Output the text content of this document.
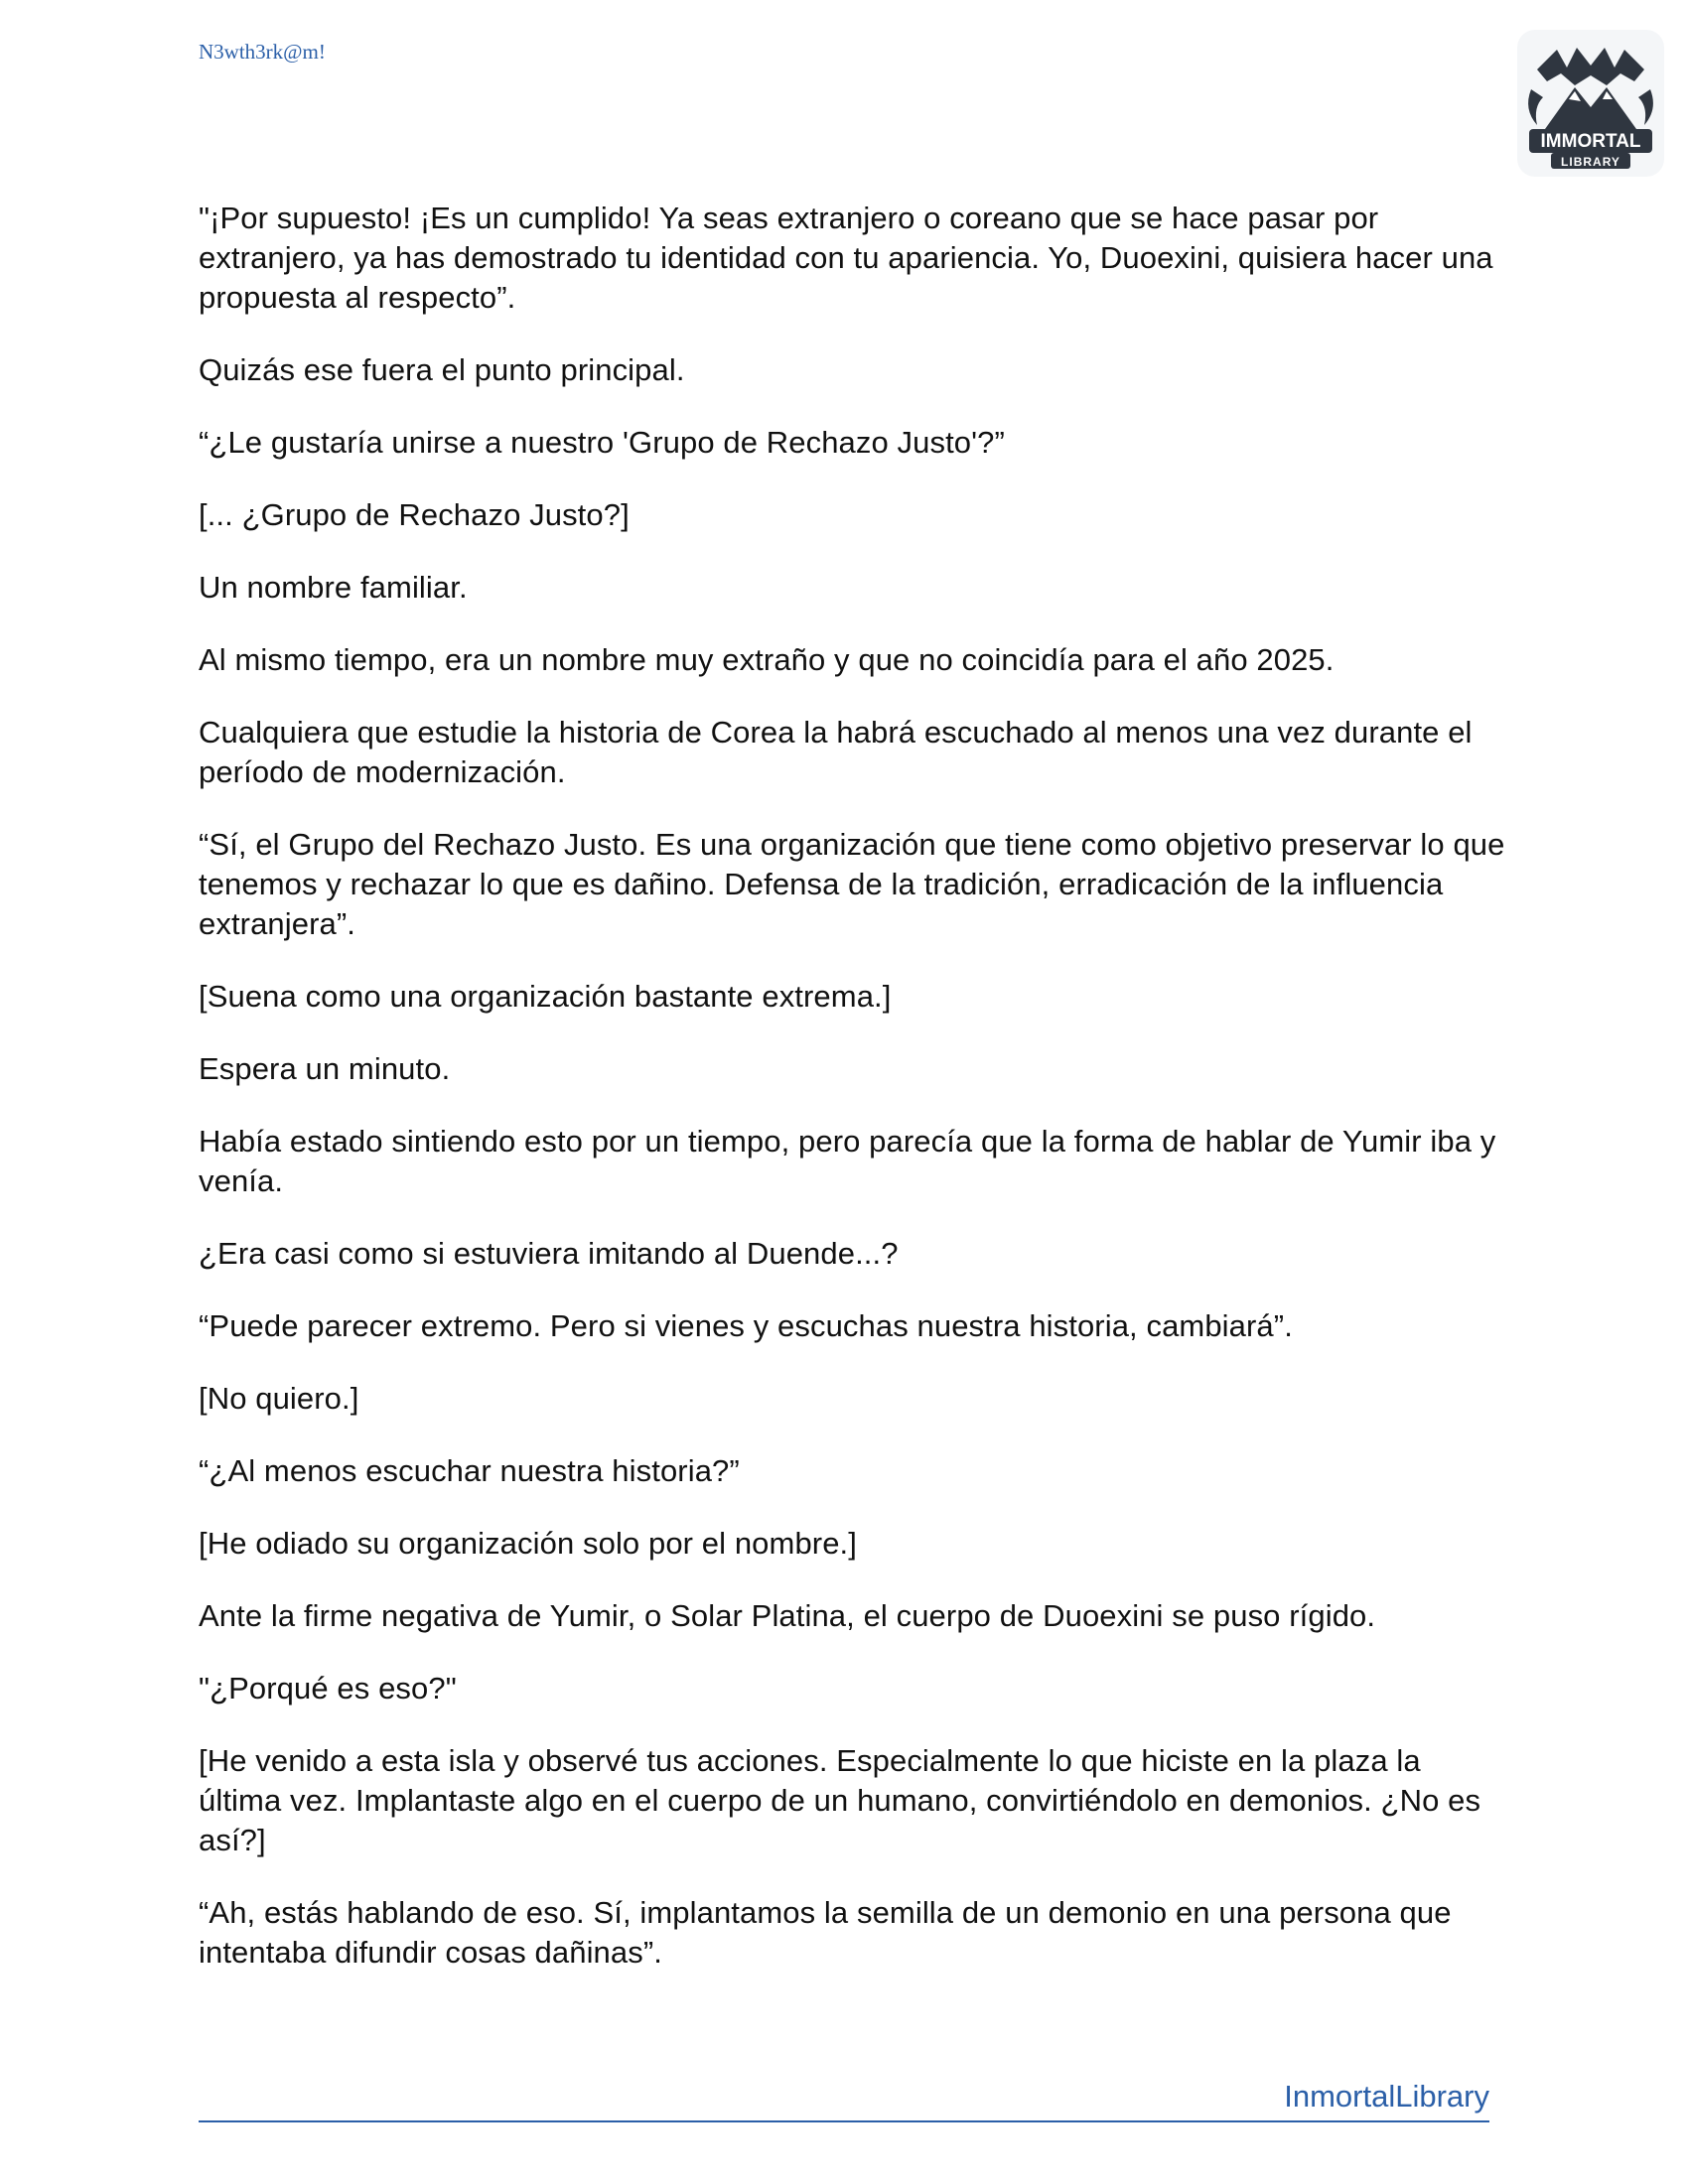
N3wth3rk@m!
IMMORTAL
LIBRARY

"¡Por supuesto! ¡Es un cumplido! Ya seas extranjero o coreano que se hace pasar por extranjero, ya has demostrado tu identidad con tu apariencia. Yo, Duoexini, quisiera hacer una propuesta al respecto”.

Quizás ese fuera el punto principal.

“¿Le gustaría unirse a nuestro 'Grupo de Rechazo Justo'?”

[... ¿Grupo de Rechazo Justo?]

Un nombre familiar.

Al mismo tiempo, era un nombre muy extraño y que no coincidía para el año 2025.

Cualquiera que estudie la historia de Corea la habrá escuchado al menos una vez durante el período de modernización.

“Sí, el Grupo del Rechazo Justo. Es una organización que tiene como objetivo preservar lo que tenemos y rechazar lo que es dañino. Defensa de la tradición, erradicación de la influencia extranjera”.

[Suena como una organización bastante extrema.]

Espera un minuto.

Había estado sintiendo esto por un tiempo, pero parecía que la forma de hablar de Yumir iba y venía.

¿Era casi como si estuviera imitando al Duende...?

“Puede parecer extremo. Pero si vienes y escuchas nuestra historia, cambiará”.

[No quiero.]

“¿Al menos escuchar nuestra historia?”

[He odiado su organización solo por el nombre.]

Ante la firme negativa de Yumir, o Solar Platina, el cuerpo de Duoexini se puso rígido.

"¿Porqué es eso?"

[He venido a esta isla y observé tus acciones. Especialmente lo que hiciste en la plaza la última vez. Implantaste algo en el cuerpo de un humano, convirtiéndolo en demonios. ¿No es así?]

“Ah, estás hablando de eso. Sí, implantamos la semilla de un demonio en una persona que intentaba difundir cosas dañinas”.

InmortalLibrary
